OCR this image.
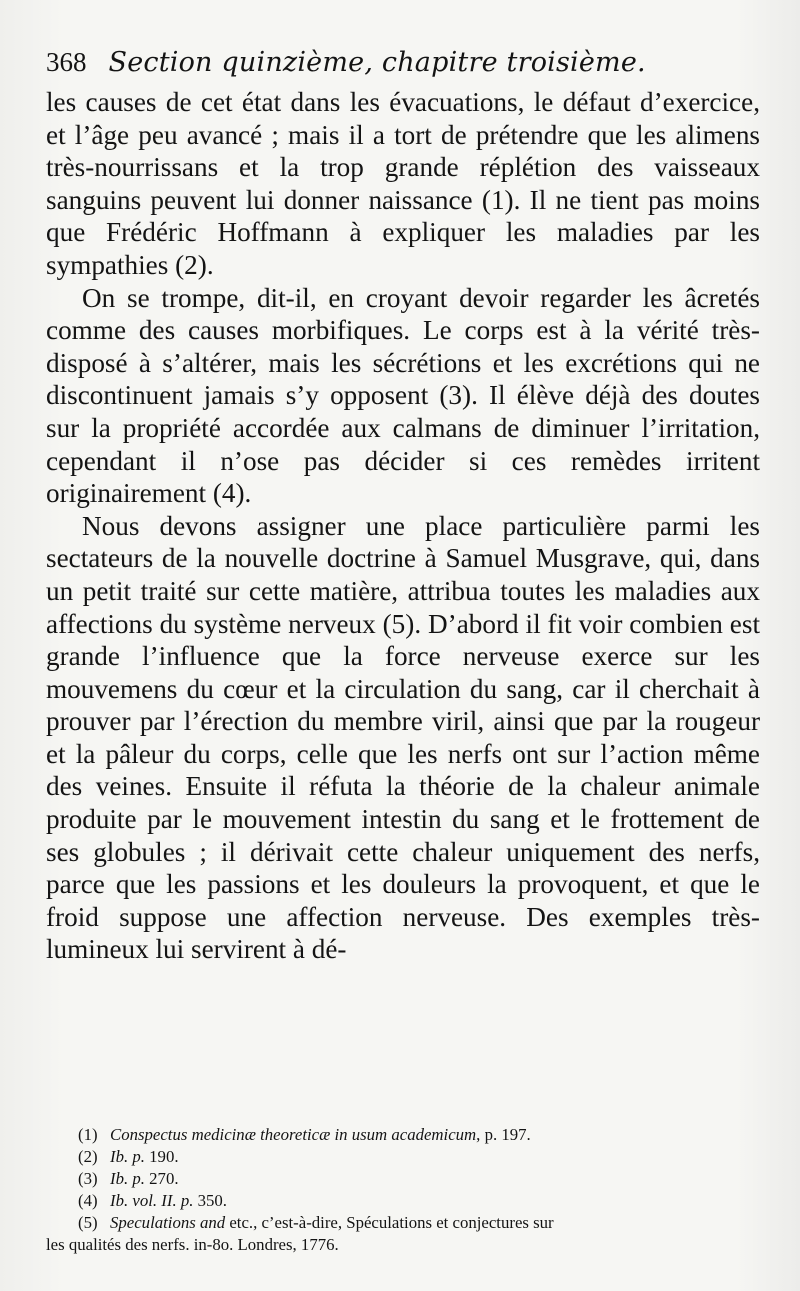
368 Section quinzième, chapitre troisième.

les causes de cet état dans les évacuations, le défaut d’exercice, et l’âge peu avancé ; mais il a tort de prétendre que les alimens très-nourrissans et la trop grande réplétion des vaisseaux sanguins peuvent lui donner naissance (1). Il ne tient pas moins que Frédéric Hoffmann à expliquer les maladies par les sympathies (2).

On se trompe, dit-il, en croyant devoir regarder les âcretés comme des causes morbifiques. Le corps est à la vérité très-disposé à s’altérer, mais les sécrétions et les excrétions qui ne discontinuent jamais s’y opposent (3). Il élève déjà des doutes sur la propriété accordée aux calmans de diminuer l’irritation, cependant il n’ose pas décider si ces remèdes irritent originairement (4).

Nous devons assigner une place particulière parmi les sectateurs de la nouvelle doctrine à Samuel Musgrave, qui, dans un petit traité sur cette matière, attribua toutes les maladies aux affections du système nerveux (5). D’abord il fit voir combien est grande l’influence que la force nerveuse exerce sur les mouvemens du cœur et la circulation du sang, car il cherchait à prouver par l’érection du membre viril, ainsi que par la rougeur et la pâleur du corps, celle que les nerfs ont sur l’action même des veines. Ensuite il réfuta la théorie de la chaleur animale produite par le mouvement intestin du sang et le frottement de ses globules ; il dérivait cette chaleur uniquement des nerfs, parce que les passions et les douleurs la provoquent, et que le froid suppose une affection nerveuse. Des exemples très-lumineux lui servirent à dé-

(1) Conspectus medicinæ theoreticæ in usum academicum, p. 197.

(2) Ib. p. 190.

(3) Ib. p. 270.

(4) Ib. vol. II. p. 350.

(5) Speculations and etc., c’est-à-dire, Spéculations et conjectures sur

les qualités des nerfs. in-8o. Londres, 1776.
